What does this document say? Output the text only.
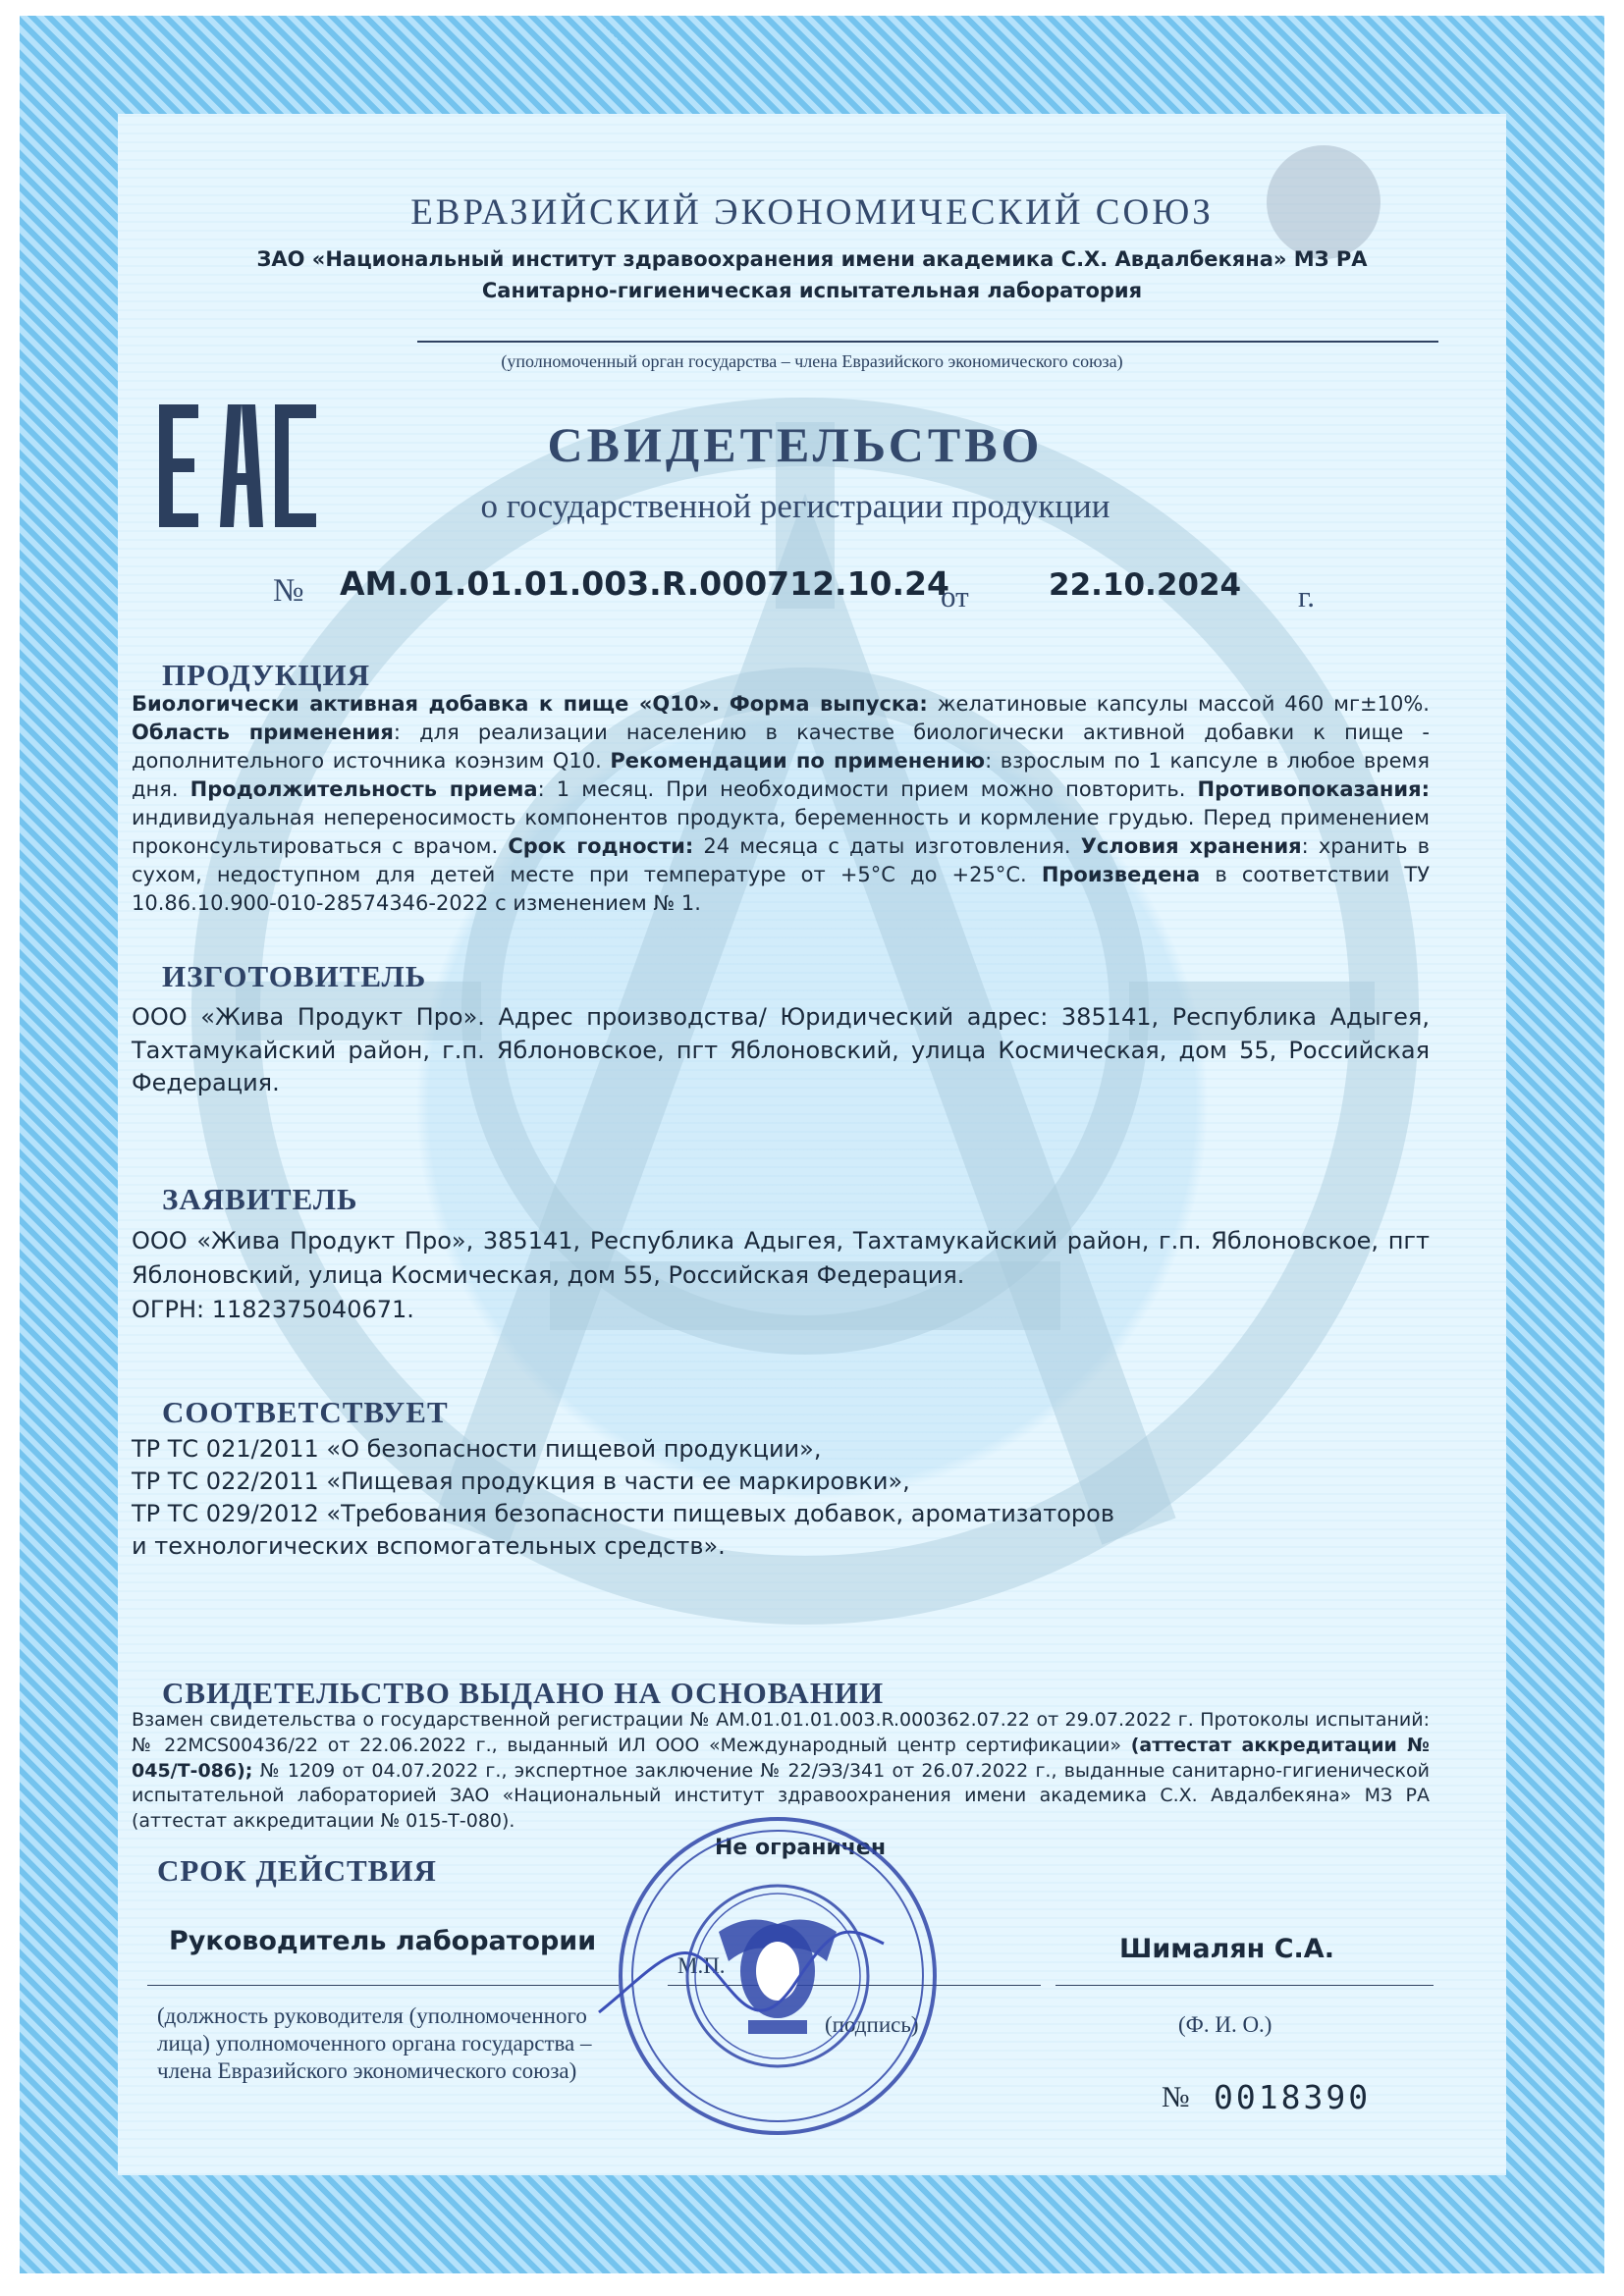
ЕВРАЗИЙСКИЙ ЭКОНОМИЧЕСКИЙ СОЮЗ
ЗАО «Национальный институт здравоохранения имени академика С.Х. Авдалбекяна» МЗ РА
Санитарно-гигиеническая испытательная лаборатория
(уполномоченный орган государства – члена Евразийского экономического союза)
EAC	СВИДЕТЕЛЬСТВО
о государственной регистрации продукции
№ AM.01.01.01.003.R.000712.10.24
от	22.10.2024 г.
ПРОДУКЦИЯ
Биологически активная добавка к пище «Q10». Форма выпуска: желатиновые капсулы массой 460 мг±10%. Область применения: для реализации населению в качестве биологически активной добавки к пище - дополнительного источника коэнзим Q10. Рекомендации по применению: взрослым по 1 капсуле в любое время дня. Продолжительность приема: 1 месяц. При необходимости прием можно повторить. Противопоказания: индивидуальная непереносимость компонентов продукта, беременность и кормление грудью. Перед применением проконсультироваться с врачом. Срок годности: 24 месяца с даты изготовления. Условия хранения: хранить в сухом, недоступном для детей месте при температуре от +5°С до +25°С. Произведена в соответствии ТУ 10.86.10.900-010-28574346-2022 с изменением № 1.
ИЗГОТОВИТЕЛЬ
ООО «Жива Продукт Про». Адрес производства/ Юридический адрес: 385141, Республика Адыгея, Тахтамукайский район, г.п. Яблоновское, пгт Яблоновский, улица Космическая, дом 55, Российская Федерация.
ЗАЯВИТЕЛЬ
ООО «Жива Продукт Про», 385141, Республика Адыгея, Тахтамукайский район, г.п. Яблоновское, пгт Яблоновский, улица Космическая, дом 55, Российская Федерация.
ОГРН: 1182375040671.
СООТВЕТСТВУЕТ
ТР ТС 021/2011 «О безопасности пищевой продукции»,
ТР ТС 022/2011 «Пищевая продукция в части ее маркировки»,
ТР ТС 029/2012 «Требования безопасности пищевых добавок, ароматизаторов
и технологических вспомогательных средств».
СВИДЕТЕЛЬСТВО ВЫДАНО НА ОСНОВАНИИ
Взамен свидетельства о государственной регистрации № AM.01.01.01.003.R.000362.07.22 от 29.07.2022 г. Протоколы испытаний: № 22MCS00436/22 от 22.06.2022 г., выданный ИЛ ООО «Международный центр сертификации» (аттестат аккредитации № 045/Т-086); № 1209 от 04.07.2022 г., экспертное заключение № 22/ЭЗ/341 от 26.07.2022 г., выданные санитарно-гигиенической испытательной лабораторией ЗАО «Национальный институт здравоохранения имени академика С.Х. Авдалбекяна» МЗ РА (аттестат аккредитации № 015-Т-080).
СРОК ДЕЙСТВИЯ
Не ограничен
Руководитель лаборатории	Шималян С.А.
(должность руководителя (уполномоченного лица) уполномоченного органа государства – члена Евразийского экономического союза)
М.П.
(подпись)	(Ф. И. О.)
№ 0018390
